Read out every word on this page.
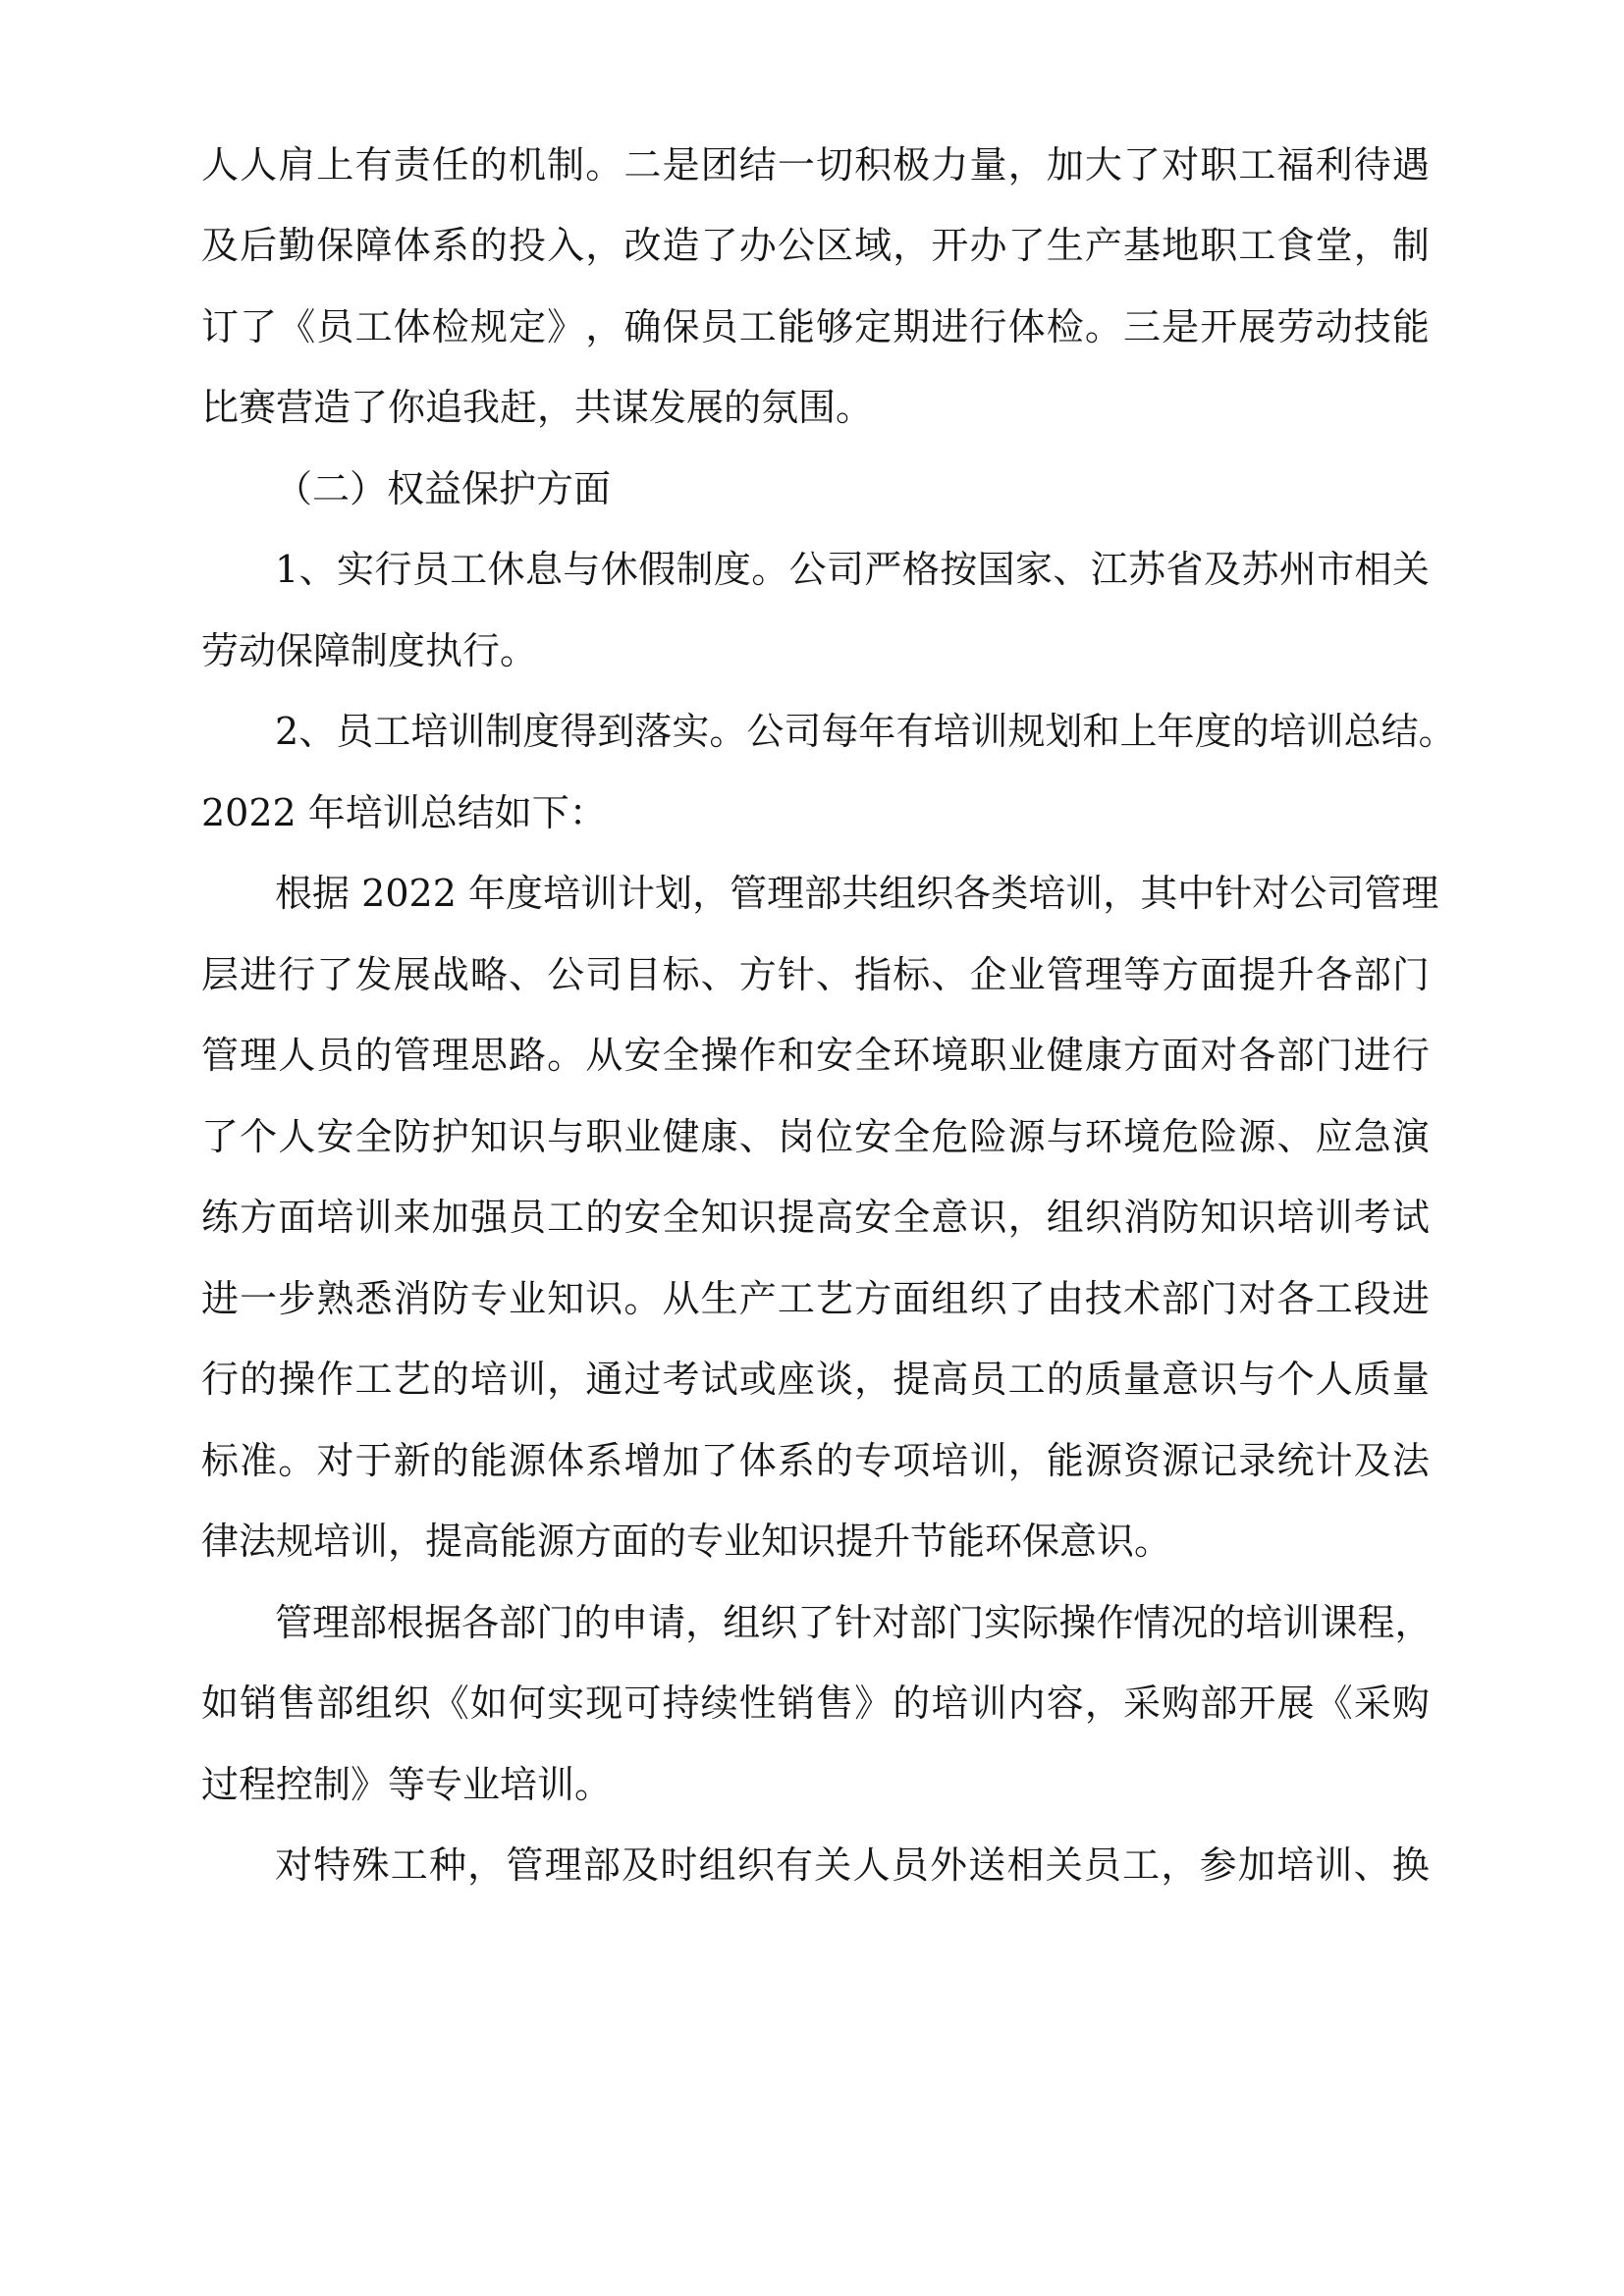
人 人 肩 上 有 责 任 的 机 制 。 二 是 团 结 一 切 积 极 力 量 ， 加 大 了 对 职 工 福 利 待 遇
及 后 勤 保 障 体 系 的 投 入 ， 改 造 了 办 公 区 域 ， 开 办 了 生 产 基 地 职 工 食 堂 ， 制
订 了 《 员 工 体 检 规 定 》 ， 确 保 员 工 能 够 定 期 进 行 体 检 。 三 是 开 展 劳 动 技 能
比赛营造了你追我赶，共谋发展的氛围。
（二）权益保护方面
1 、 实 行 员 工 休 息 与 休 假 制 度 。 公 司 严 格 按 国 家 、 江 苏 省 及 苏 州 市 相 关
劳动保障制度执行。
2 、 员 工 培 训 制 度 得 到 落 实 。 公 司 每 年 有 培 训 规 划 和 上 年 度 的 培 训 总 结 。
2022 年培训总结如下：
根 据
2 0 2 2
年 度 培 训 计 划 ， 管 理 部 共 组 织 各 类 培 训 ， 其 中 针 对 公 司 管 理
层 进 行 了 发 展 战 略 、 公 司 目 标 、 方 针 、 指 标 、 企 业 管 理 等 方 面 提 升 各 部 门
管 理 人 员 的 管 理 思 路 。 从 安 全 操 作 和 安 全 环 境 职 业 健 康 方 面 对 各 部 门 进 行
了 个 人 安 全 防 护 知 识 与 职 业 健 康 、 岗 位 安 全 危 险 源 与 环 境 危 险 源 、 应 急 演
练 方 面 培 训 来 加 强 员 工 的 安 全 知 识 提 高 安 全 意 识 ， 组 织 消 防 知 识 培 训 考 试
进 一 步 熟 悉 消 防 专 业 知 识 。 从 生 产 工 艺 方 面 组 织 了 由 技 术 部 门 对 各 工 段 进
行 的 操 作 工 艺 的 培 训 ， 通 过 考 试 或 座 谈 ， 提 高 员 工 的 质 量 意 识 与 个 人 质 量
标 准 。 对 于 新 的 能 源 体 系 增 加 了 体 系 的 专 项 培 训 ， 能 源 资 源 记 录 统 计 及 法
律法规培训，提高能源方面的专业知识提升节能环保意识。
管 理 部 根 据 各 部 门 的 申 请 ， 组 织 了 针 对 部 门 实 际 操 作 情 况 的 培 训 课 程 ，
如 销 售 部 组 织 《 如 何 实 现 可 持 续 性 销 售 》 的 培 训 内 容 ， 采 购 部 开 展 《 采 购
过程控制》等专业培训。
对 特 殊 工 种 ， 管 理 部 及 时 组 织 有 关 人 员 外 送 相 关 员 工 ， 参 加 培 训 、 换
